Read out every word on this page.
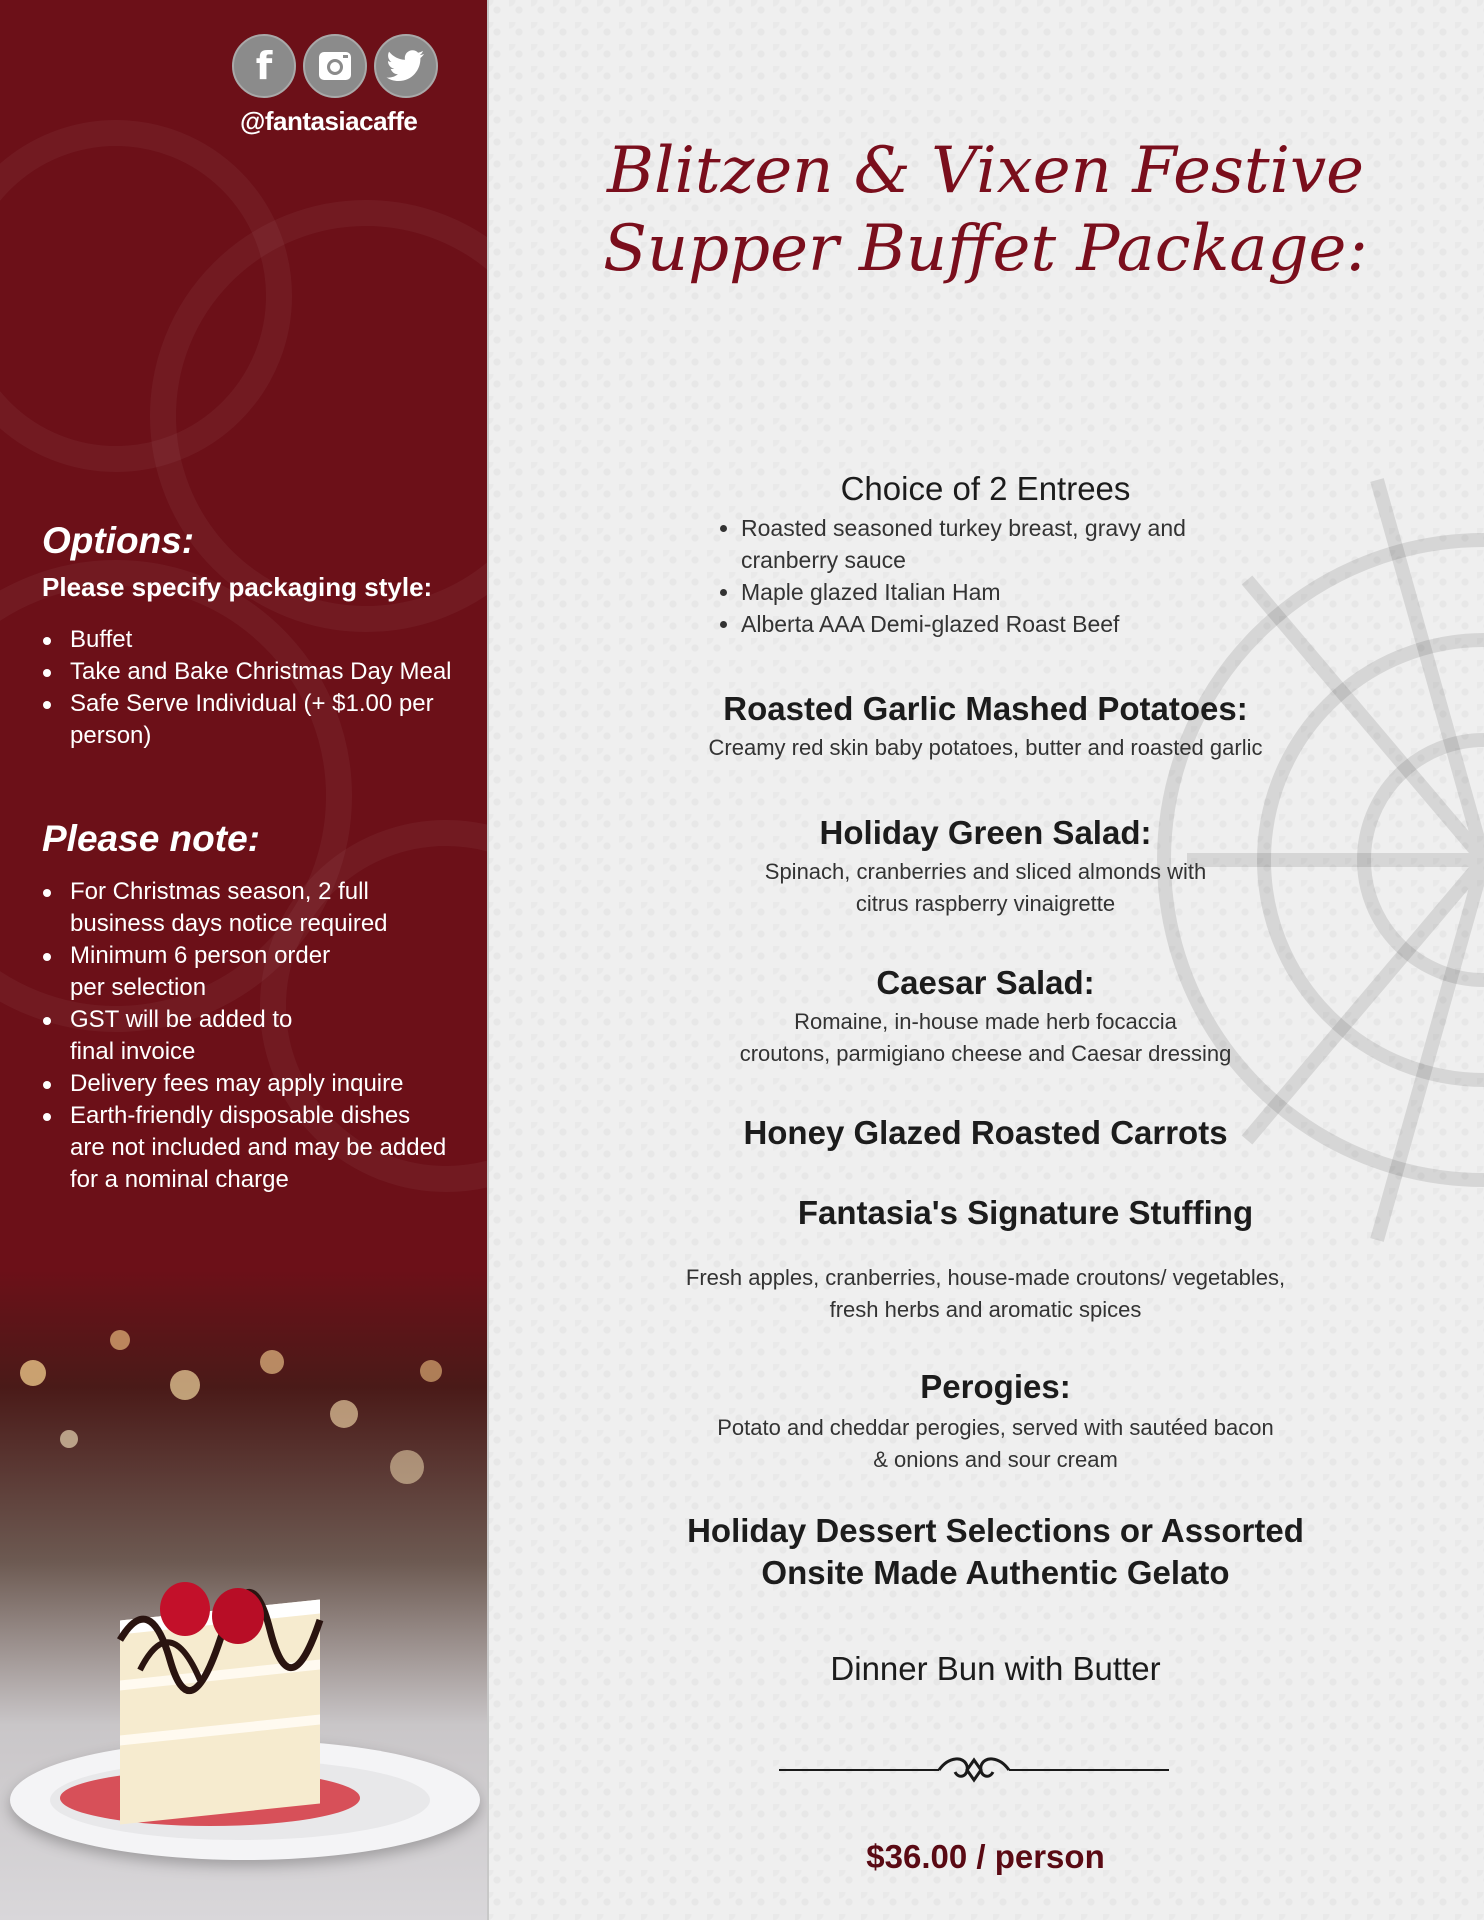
f
@fantasiacaffe
Options:
Please specify packaging style:
Buffet
Take and Bake Christmas Day Meal
Safe Serve Individual (+ $1.00 per person)
Please note:
For Christmas season, 2 full business days notice required
Minimum 6 person order per selection
GST will be added to final invoice
Delivery fees may apply inquire
Earth-friendly disposable dishes are not included and may be added for a nominal charge
Blitzen & Vixen Festive
Supper Buffet Package:
Choice of 2 Entrees
Roasted seasoned turkey breast, gravy and cranberry sauce
Maple glazed Italian Ham
Alberta AAA Demi-glazed Roast Beef
Roasted Garlic Mashed Potatoes:
Creamy red skin baby potatoes, butter and roasted garlic
Holiday Green Salad:
Spinach, cranberries and sliced almonds with
citrus raspberry vinaigrette
Caesar Salad:
Romaine, in-house made herb focaccia
croutons, parmigiano cheese and Caesar dressing
Honey Glazed Roasted Carrots
Fantasia's Signature Stuffing
Fresh apples, cranberries, house-made croutons/ vegetables,
fresh herbs and aromatic spices
Perogies:
Potato and cheddar perogies, served with sautéed bacon
& onions and sour cream
Holiday Dessert Selections or Assorted
Onsite Made Authentic Gelato
Dinner Bun with Butter
$36.00 / person
